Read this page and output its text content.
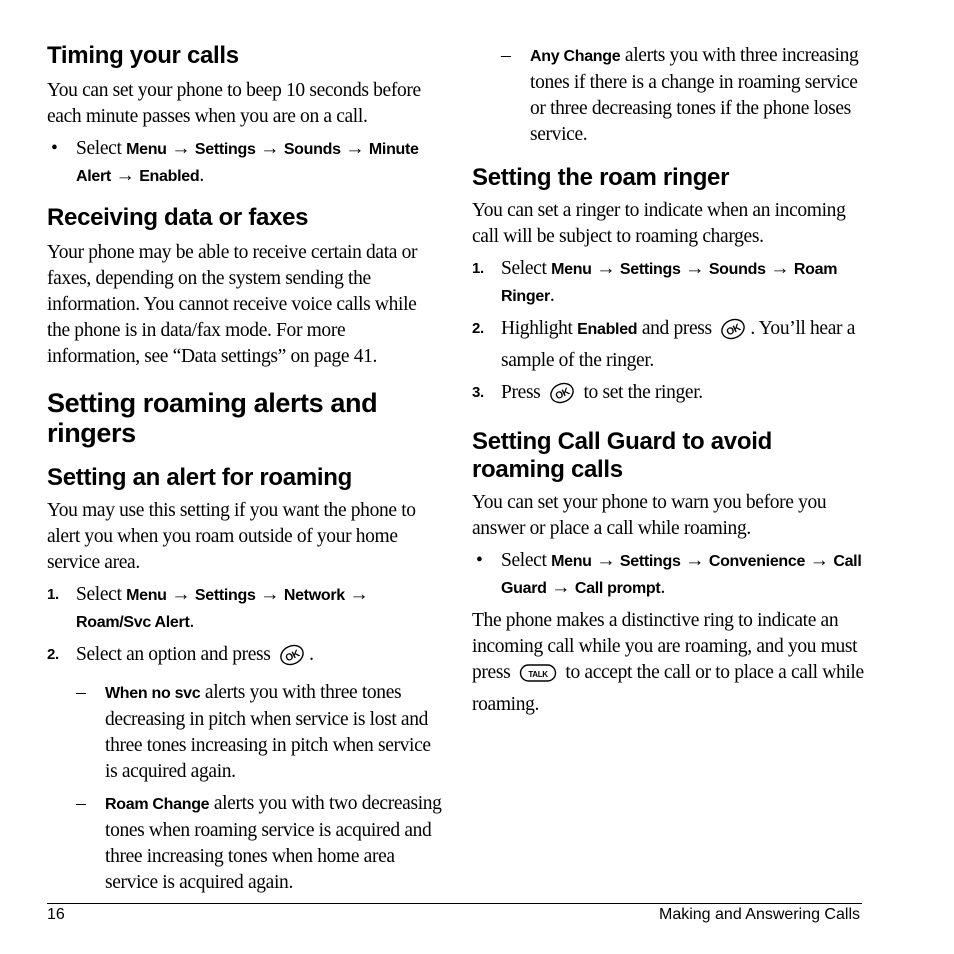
Timing your calls

You can set your phone to beep 10 seconds before each minute passes when you are on a call.

• Select Menu → Settings → Sounds → Minute Alert → Enabled.
Receiving data or faxes

Your phone may be able to receive certain data or faxes, depending on the system sending the information. You cannot receive voice calls while the phone is in data/fax mode. For more information, see “Data settings” on page 41.

Setting roaming alerts and ringers
Setting an alert for roaming

You may use this setting if you want the phone to alert you when you roam outside of your home service area.

1. Select Menu → Settings → Network → Roam/Svc Alert.
2. Select an option and press OK .
– When no svc alerts you with three tones decreasing in pitch when service is lost and three tones increasing in pitch when service is acquired again.
– Roam Change alerts you with two decreasing tones when roaming service is acquired and three increasing tones when home area service is acquired again.
– Any Change alerts you with three increasing tones if there is a change in roaming service or three decreasing tones if the phone loses service.
Setting the roam ringer

You can set a ringer to indicate when an incoming call will be subject to roaming charges.

1. Select Menu → Settings → Sounds → Roam Ringer.
2. Highlight Enabled and press OK . You’ll hear a sample of the ringer.
3. Press OK to set the ringer.
Setting Call Guard to avoid roaming calls

You can set your phone to warn you before you answer or place a call while roaming.

• Select Menu → Settings → Convenience → Call Guard → Call prompt.

The phone makes a distinctive ring to indicate an incoming call while you are roaming, and you must press TALK to accept the call or to place a call while roaming.

16	Making and Answering Calls
